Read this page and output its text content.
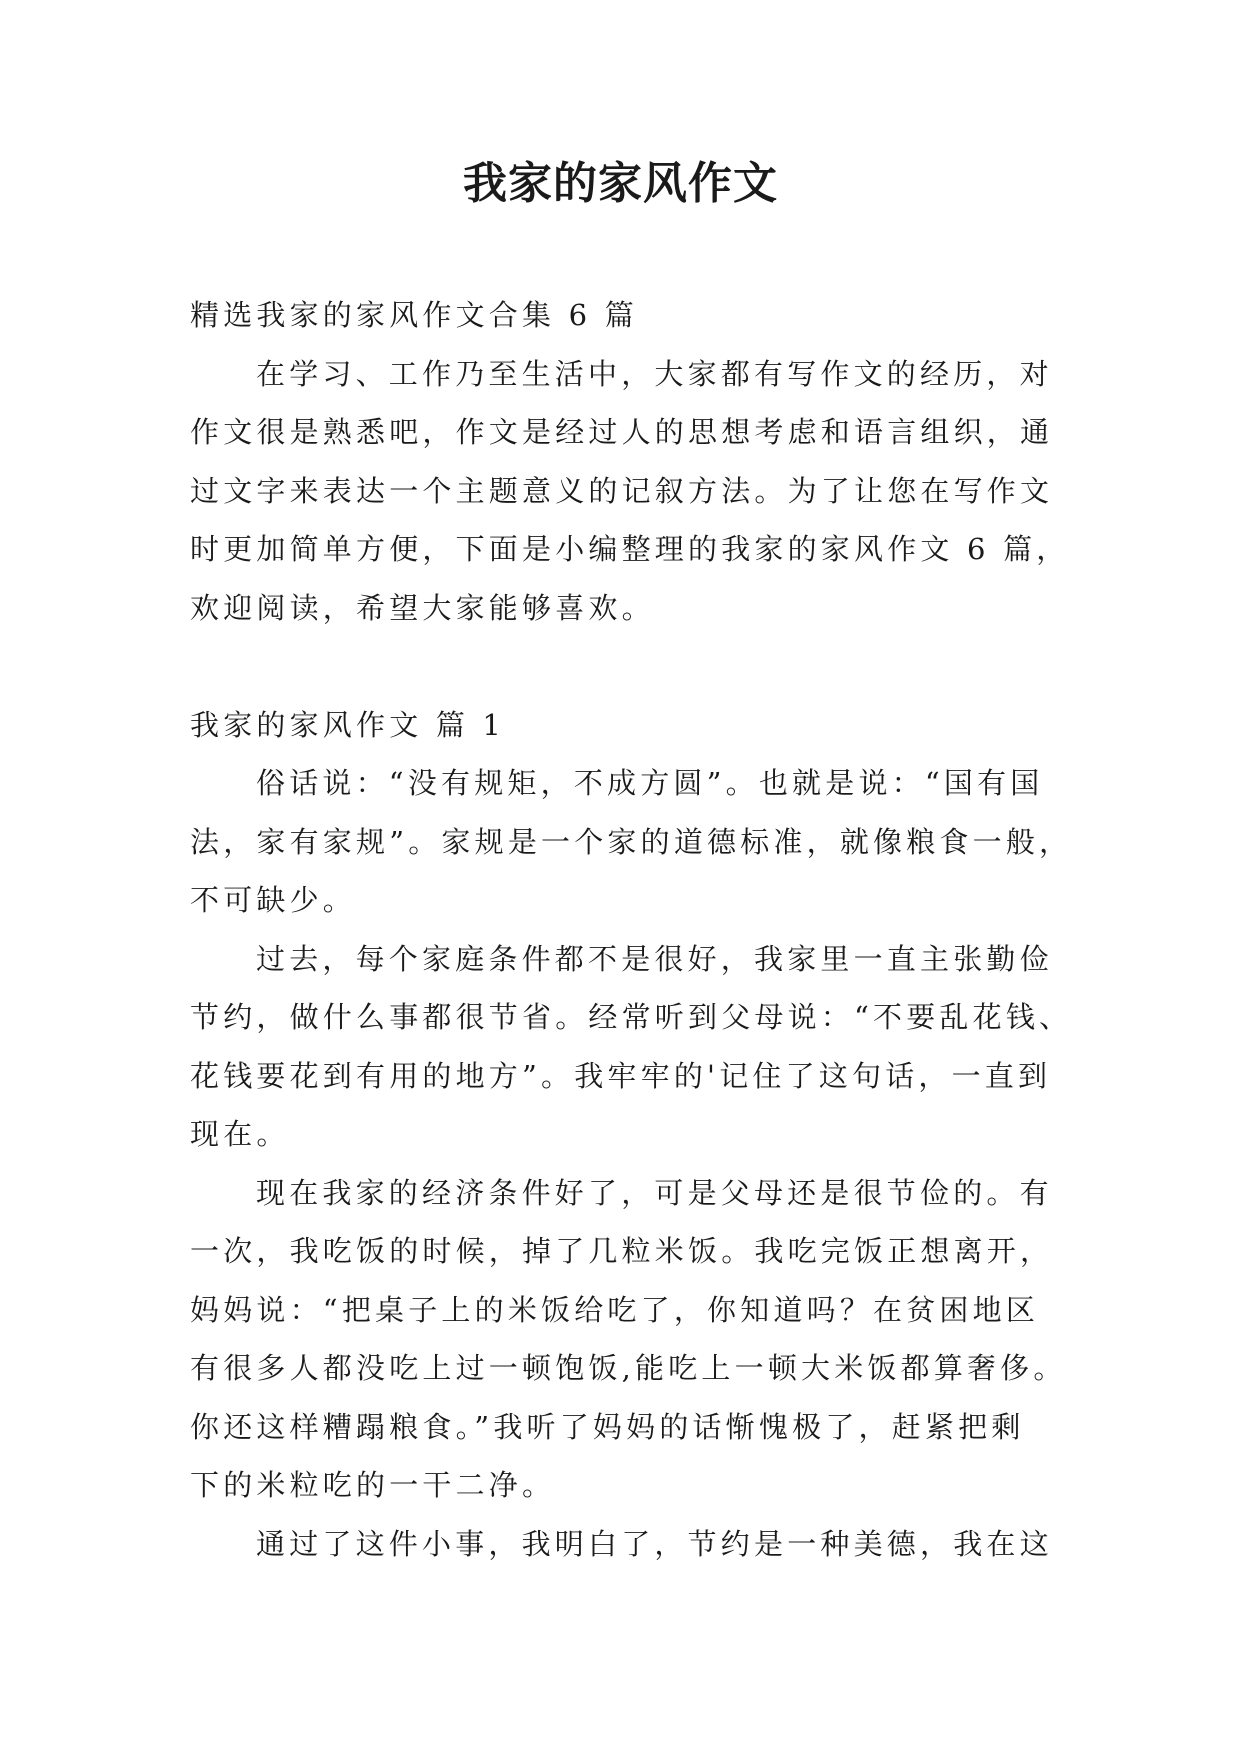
我家的家风作文

精选我家的家风作文合集 6 篇

在学习、工作乃至生活中，大家都有写作文的经历，对

作文很是熟悉吧，作文是经过人的思想考虑和语言组织，通

过文字来表达一个主题意义的记叙方法。为了让您在写作文

时更加简单方便，下面是小编整理的我家的家风作文 6 篇，

欢迎阅读，希望大家能够喜欢。

我家的家风作文 篇 1

俗话说：“没有规矩，不成方圆”。也就是说：“国有国

法，家有家规”。家规是一个家的道德标准，就像粮食一般，

不可缺少。

过去，每个家庭条件都不是很好，我家里一直主张勤俭

节约，做什么事都很节省。经常听到父母说：“不要乱花钱、

花钱要花到有用的地方”。我牢牢的'记住了这句话，一直到

现在。

现在我家的经济条件好了，可是父母还是很节俭的。有

一次，我吃饭的时候，掉了几粒米饭。我吃完饭正想离开，

妈妈说：“把桌子上的米饭给吃了，你知道吗？在贫困地区

有很多人都没吃上过一顿饱饭,能吃上一顿大米饭都算奢侈。

你还这样糟蹋粮食。”我听了妈妈的话惭愧极了，赶紧把剩

下的米粒吃的一干二净。

通过了这件小事，我明白了，节约是一种美德，我在这
